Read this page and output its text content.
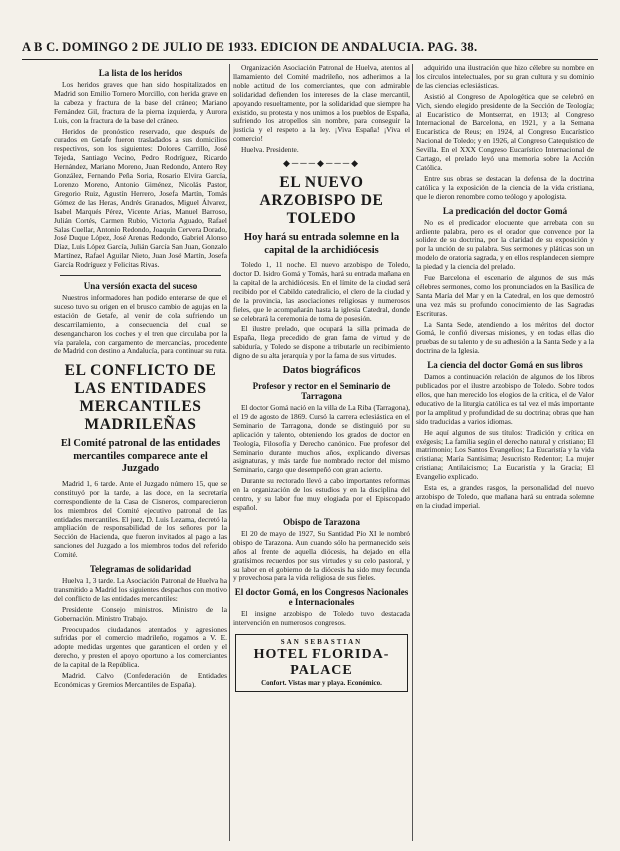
A B C. DOMINGO 2 DE JULIO DE 1933. EDICION DE ANDALUCIA. PAG. 38.
La lista de los heridos

Los heridos graves que han sido hospitalizados en Madrid son Emilio Tornero Morcillo, con herida grave en la cabeza y fractura de la base del cráneo; Mariano Fernández Gil, fractura de la pierna izquierda, y Aurora Luis, con la fractura de la base del cráneo.

Heridos de pronóstico reservado, que después de curados en Getafe fueron trasladados a sus domicilios respectivos, son los siguientes: Dolores Carrillo, José Tejeda, Santiago Vecino, Pedro Rodríguez, Ricardo Hernández, Mariano Moreno, Juan Redondo, Antero Rey González, Fernando Peña Soria, Rosario Elvira García, Lorenzo Moreno, Antonio Giménez, Nicolás Pastor, Gregorio Ruiz, Agustín Herrero, Josefa Martín, Tomás Gómez de las Heras, Andrés Granados, Miguel Álvarez, Isabel Marqués Pérez, Vicente Arias, Manuel Barroso, Julián Cortés, Carmen Rubio, Victoria Aguado, Rafael Salas Cuellar, Antonio Redondo, Joaquín Cervera Dorado, José Duque López, José Arenas Redondo, Gabriel Alonso Díaz, Luis López García, Julián García San Juan, Gonzalo Martínez, Rafael Aguilar Nieto, Juan José Martín, Josefa García Rodríguez y Felicitas Rivas.

Una versión exacta del suceso

Nuestros informadores han podido enterarse de que el suceso tuvo su origen en el brusco cambio de agujas en la estación de Getafe, al venir de cola sufriendo un descarrilamiento, a consecuencia del cual se desengancharon los coches y el tren que circulaba por la vía paralela, con cargamento de mercancías, procedente de Madrid con destino a Andalucía, para continuar su ruta.

EL CONFLICTO DE LAS ENTIDADES MERCANTILES MADRILEÑAS
El Comité patronal de las entidades mercantiles comparece ante el Juzgado

Madrid 1, 6 tarde. Ante el Juzgado número 15, que se constituyó por la tarde, a las doce, en la secretaría correspondiente de la Casa de Cisneros, comparecieron los miembros del Comité ejecutivo patronal de las entidades mercantiles. El juez, D. Luis Lezama, decretó la ampliación de responsabilidad de los señores por la Sección de Hacienda, que fueron invitados al pago a las sanciones del Juzgado a los miembros todos del referido Comité.

Telegramas de solidaridad

Huelva 1, 3 tarde. La Asociación Patronal de Huelva ha transmitido a Madrid los siguientes despachos con motivo del conflicto de las entidades mercantiles:

Presidente Consejo ministros. Ministro de la Gobernación. Ministro Trabajo.

Preocupados ciudadanos atentados y agresiones sufridas por el comercio madrileño, rogamos a V. E. adopte medidas urgentes que garanticen el orden y el derecho, y presten el apoyo oportuno a los comerciantes de la capital de la República.

Madrid. Calvo (Confederación de Entidades Económicas y Gremios Mercantiles de España).

Organización Asociación Patronal de Huelva, atentos al llamamiento del Comité madrileño, nos adherimos a la noble actitud de los comerciantes, que con admirable solidaridad defienden los intereses de la clase mercantil, apoyando resueltamente, por la solidaridad que siempre ha existido, su protesta y nos unimos a los pueblos de España, sufriendo los atropellos sin nombre, para conseguir la justicia y el respeto a la ley. ¡Viva España! ¡Viva el comercio!

Huelva. Presidente.

◆───◆───◆
EL NUEVO ARZOBISPO DE TOLEDO
Hoy hará su entrada solemne en la capital de la archidiócesis

Toledo 1, 11 noche. El nuevo arzobispo de Toledo, doctor D. Isidro Gomá y Tomás, hará su entrada mañana en la capital de la archidiócesis. En el límite de la ciudad será recibido por el Cabildo catedralicio, el clero de la ciudad y de la provincia, las asociaciones religiosas y numerosos fieles, que le acompañarán hasta la iglesia Catedral, donde se celebrará la ceremonia de toma de posesión.

El ilustre prelado, que ocupará la silla primada de España, llega precedido de gran fama de virtud y de sabiduría, y Toledo se dispone a tributarle un recibimiento digno de su alta jerarquía y por la fama de sus virtudes.

Datos biográficos
Profesor y rector en el Seminario de Tarragona

El doctor Gomá nació en la villa de La Riba (Tarragona), el 19 de agosto de 1869. Cursó la carrera eclesiástica en el Seminario de Tarragona, donde se distinguió por su aplicación y talento, obteniendo los grados de doctor en Teología, Filosofía y Derecho canónico. Fue profesor del Seminario durante muchos años, explicando diversas asignaturas, y más tarde fue nombrado rector del mismo Seminario, cargo que desempeñó con gran acierto.

Durante su rectorado llevó a cabo importantes reformas en la organización de los estudios y en la disciplina del centro, y su labor fue muy elogiada por el Episcopado español.

Obispo de Tarazona

El 20 de mayo de 1927, Su Santidad Pío XI le nombró obispo de Tarazona. Aun cuando sólo ha permanecido seis años al frente de aquella diócesis, ha dejado en ella gratísimos recuerdos por sus virtudes y su celo pastoral, y su labor en el gobierno de la diócesis ha sido muy fecunda y provechosa para la vida religiosa de sus fieles.

El doctor Gomá, en los Congresos Nacionales e Internacionales

El insigne arzobispo de Toledo tuvo destacada intervención en numerosos congresos.

SAN SEBASTIAN
HOTEL FLORIDA-PALACE
Confort. Vistas mar y playa. Económico.

adquirido una ilustración que hizo célebre su nombre en los círculos intelectuales, por su gran cultura y su dominio de las ciencias eclesiásticas.

Asistió al Congreso de Apologética que se celebró en Vich, siendo elegido presidente de la Sección de Teología; al Eucarístico de Montserrat, en 1913; al Congreso Internacional de Barcelona, en 1921, y a la Semana Eucarística de Reus; en 1924, al Congreso Eucarístico Nacional de Toledo; y en 1926, al Congreso Catequístico de Sevilla. En el XXX Congreso Eucarístico Internacional de Cartago, el prelado leyó una memoria sobre la Acción Católica.

Entre sus obras se destacan la defensa de la doctrina católica y la exposición de la ciencia de la vida cristiana, que le dieron renombre como teólogo y apologista.

La predicación del doctor Gomá

No es el predicador elocuente que arrebata con su ardiente palabra, pero es el orador que convence por la solidez de su doctrina, por la claridad de su exposición y por la unción de su palabra. Sus sermones y pláticas son un modelo de oratoria sagrada, y en ellos resplandecen siempre la piedad y la ciencia del prelado.

Fue Barcelona el escenario de algunos de sus más célebres sermones, como los pronunciados en la Basílica de Santa María del Mar y en la Catedral, en los que demostró una vez más su profundo conocimiento de las Sagradas Escrituras.

La Santa Sede, atendiendo a los méritos del doctor Gomá, le confió diversas misiones, y en todas ellas dio pruebas de su talento y de su adhesión a la Santa Sede y a la doctrina de la Iglesia.

La ciencia del doctor Gomá en sus libros

Damos a continuación relación de algunos de los libros publicados por el ilustre arzobispo de Toledo. Sobre todos ellos, que han merecido los elogios de la crítica, el de Valor educativo de la liturgia católica es tal vez el más importante por la amplitud y profundidad de su doctrina; obras que han sido traducidas a varios idiomas.

He aquí algunos de sus títulos: Tradición y crítica en exégesis; La familia según el derecho natural y cristiano; El matrimonio; Los Santos Evangelios; La Eucaristía y la vida cristiana; María Santísima; Jesucristo Redentor; La mujer cristiana; Antilaicismo; La Eucaristía y la Gracia; El Evangelio explicado.

Esta es, a grandes rasgos, la personalidad del nuevo arzobispo de Toledo, que mañana hará su entrada solemne en la ciudad imperial.
